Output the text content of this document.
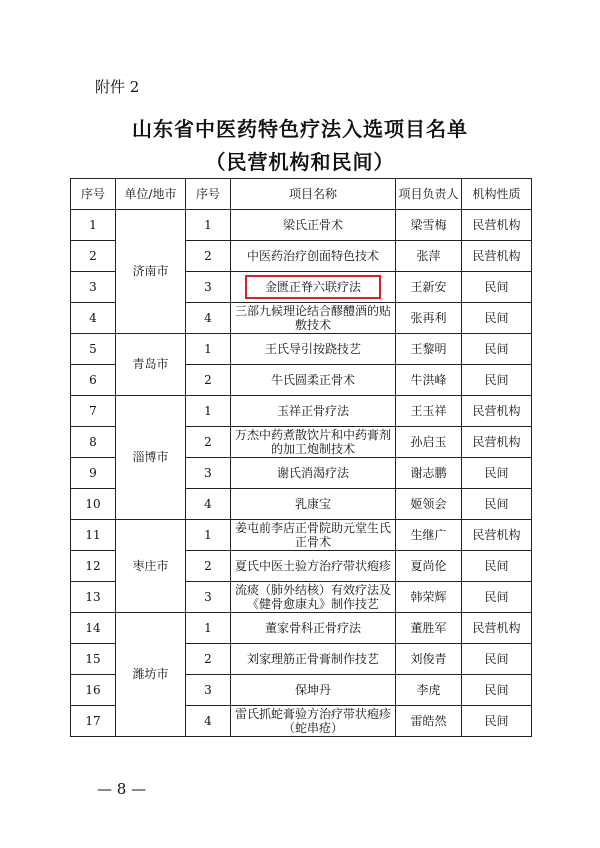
附件 2
山东省中医药特色疗法入选项目名单
（民营机构和民间）
序号	单位/地市	序号	项目名称	项目负责人	机构性质
1	济南市	1	梁氏正骨术	梁雪梅	民营机构
2		2	中医药治疗创面特色技术	张萍	民营机构
3		3	金匮正脊六联疗法	王新安	民间
4		4	三部九候理论结合醪醴酒的贴敷技术	张再利	民间
5	青岛市	1	王氏导引按跷技艺	王黎明	民间
6		2	牛氏圆柔正骨术	牛洪峰	民间
7	淄博市	1	玉祥正骨疗法	王玉祥	民营机构
8		2	万杰中药煮散饮片和中药膏剂的加工炮制技术	孙启玉	民营机构
9		3	谢氏消渴疗法	谢志鹏	民间
10		4	乳康宝	姬领会	民间
11	枣庄市	1	姜屯前李店正骨院助元堂生氏正骨术	生继广	民营机构
12		2	夏氏中医土验方治疗带状疱疹	夏尚伦	民间
13		3	流痰（肺外结核）有效疗法及《健骨愈康丸》制作技艺	韩荣辉	民间
14	潍坊市	1	董家骨科正骨疗法	董胜军	民营机构
15		2	刘家理筋正骨膏制作技艺	刘俊青	民间
16		3	保坤丹	李虎	民间
17		4	雷氏抓蛇膏验方治疗带状疱疹（蛇串疮）	雷皓然	民间
— 8 —
